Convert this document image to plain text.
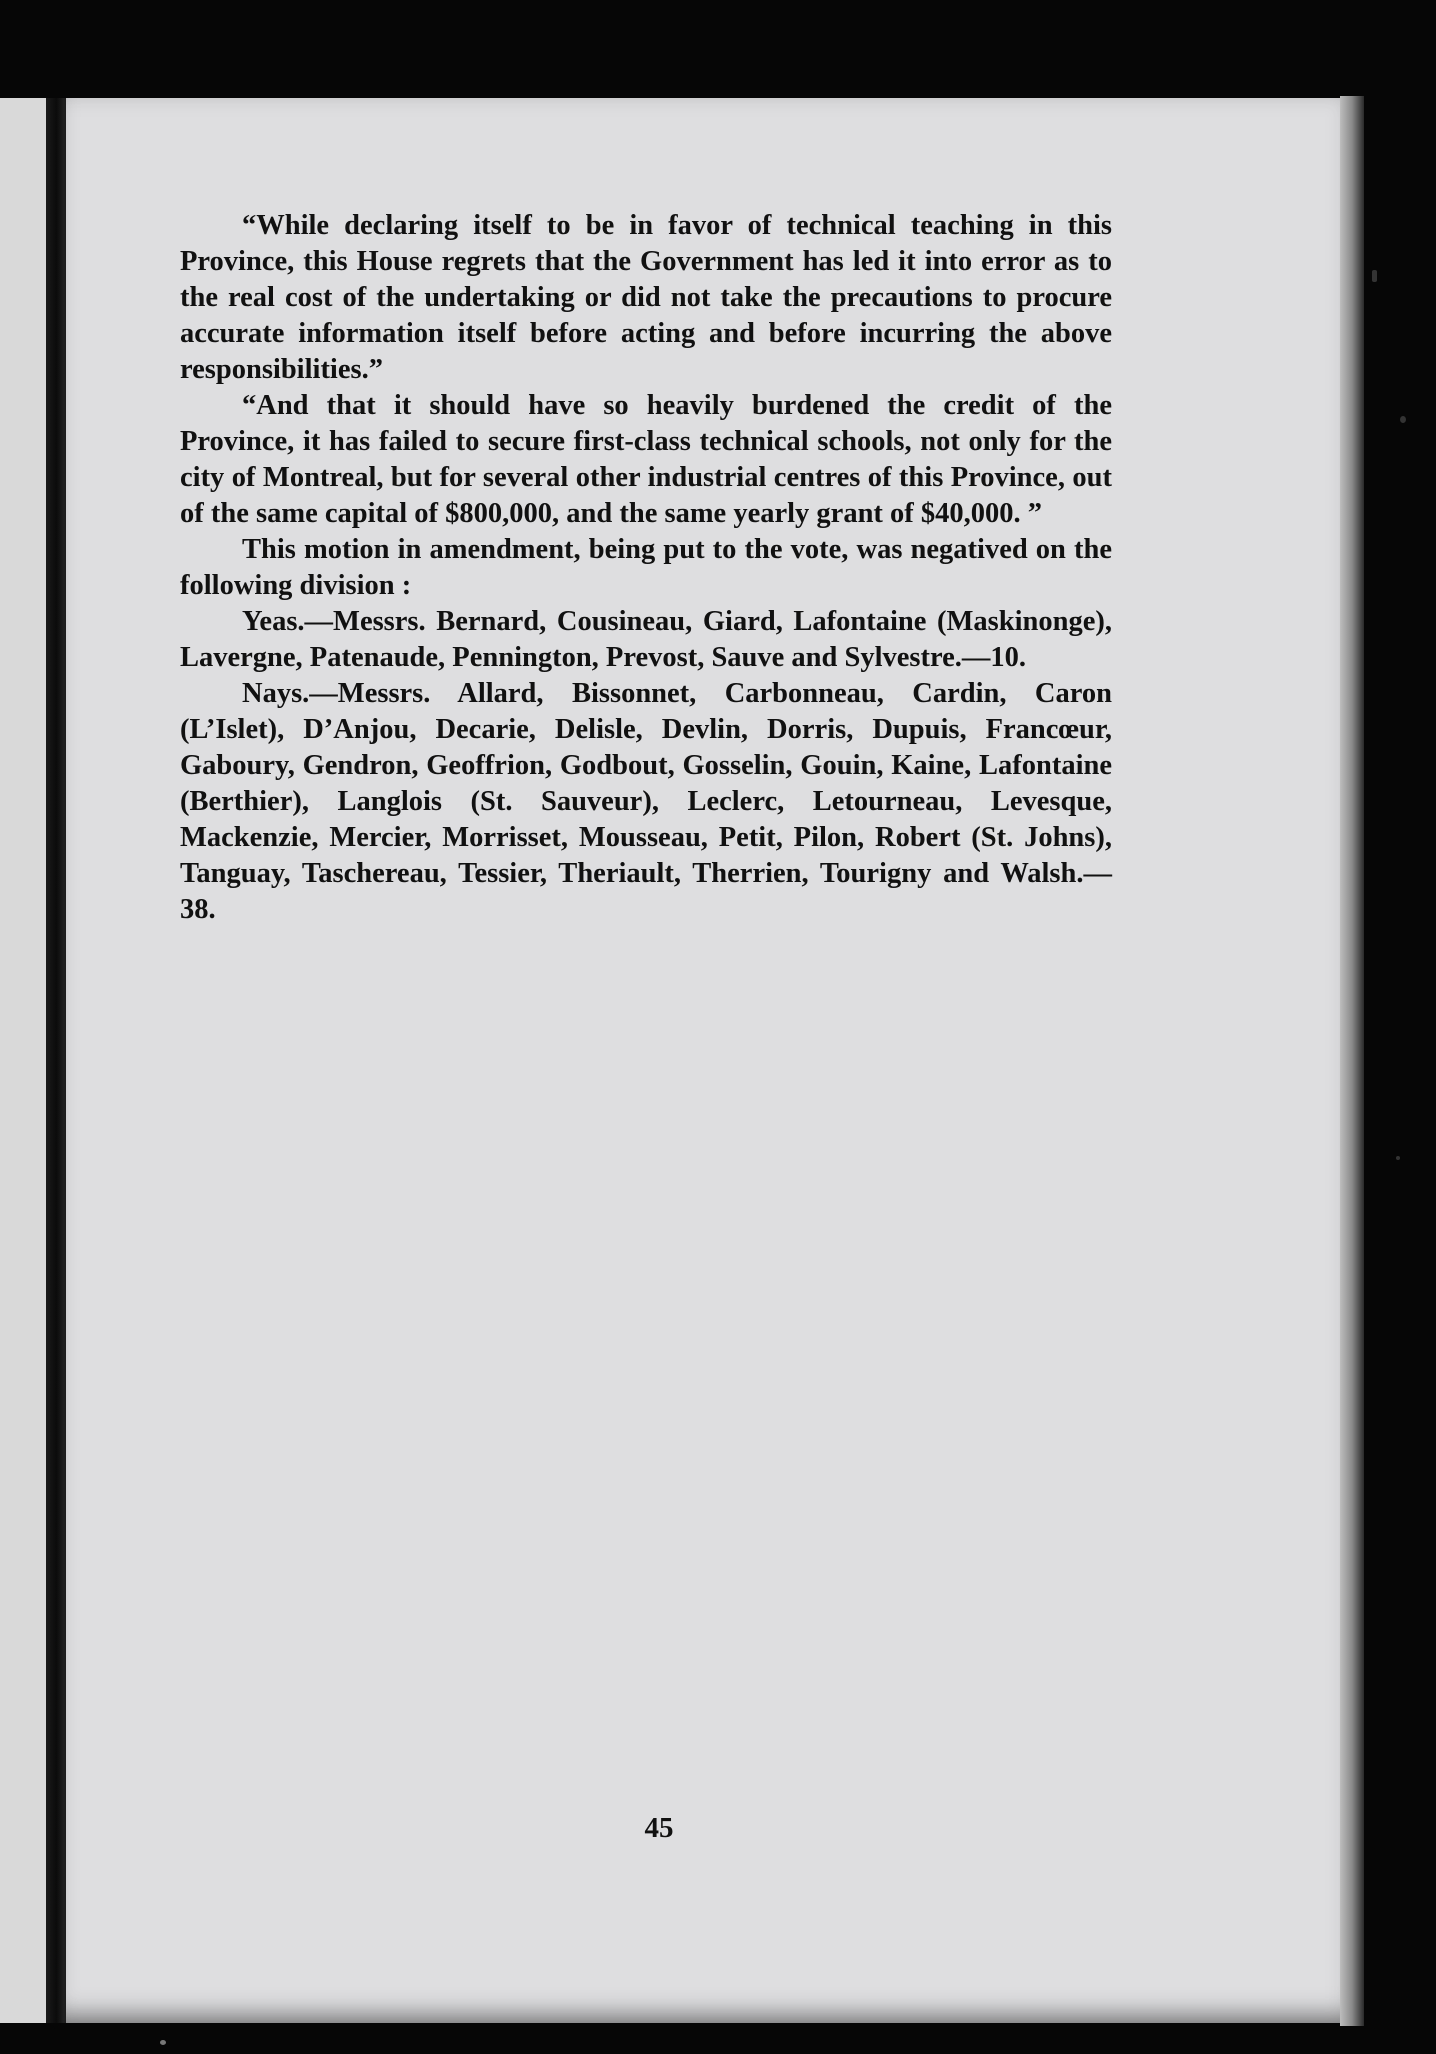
“While declaring itself to be in favor of technical teaching in this Province, this House regrets that the Government has led it into error as to the real cost of the undertaking or did not take the precautions to procure accurate information itself before acting and before incurring the above responsibilities.”

“And that it should have so heavily burdened the credit of the Province, it has failed to secure first-class technical schools, not only for the city of Montreal, but for several other industrial centres of this Province, out of the same capital of $800,000, and the same yearly grant of $40,000. ”

This motion in amendment, being put to the vote, was negatived on the following division :

Yeas.—Messrs. Bernard, Cousineau, Giard, Lafontaine (Maskinonge), Lavergne, Patenaude, Pennington, Prevost, Sauve and Sylvestre.—10.

Nays.—Messrs. Allard, Bissonnet, Carbonneau, Cardin, Caron (L’Islet), D’Anjou, Decarie, Delisle, Devlin, Dorris, Dupuis, Francœur, Gaboury, Gendron, Geoffrion, Godbout, Gosselin, Gouin, Kaine, Lafontaine (Berthier), Langlois (St. Sauveur), Leclerc, Letourneau, Levesque, Mackenzie, Mercier, Morrisset, Mousseau, Petit, Pilon, Robert (St. Johns), Tanguay, Taschereau, Tessier, Theriault, Therrien, Tourigny and Walsh.—38.

45
